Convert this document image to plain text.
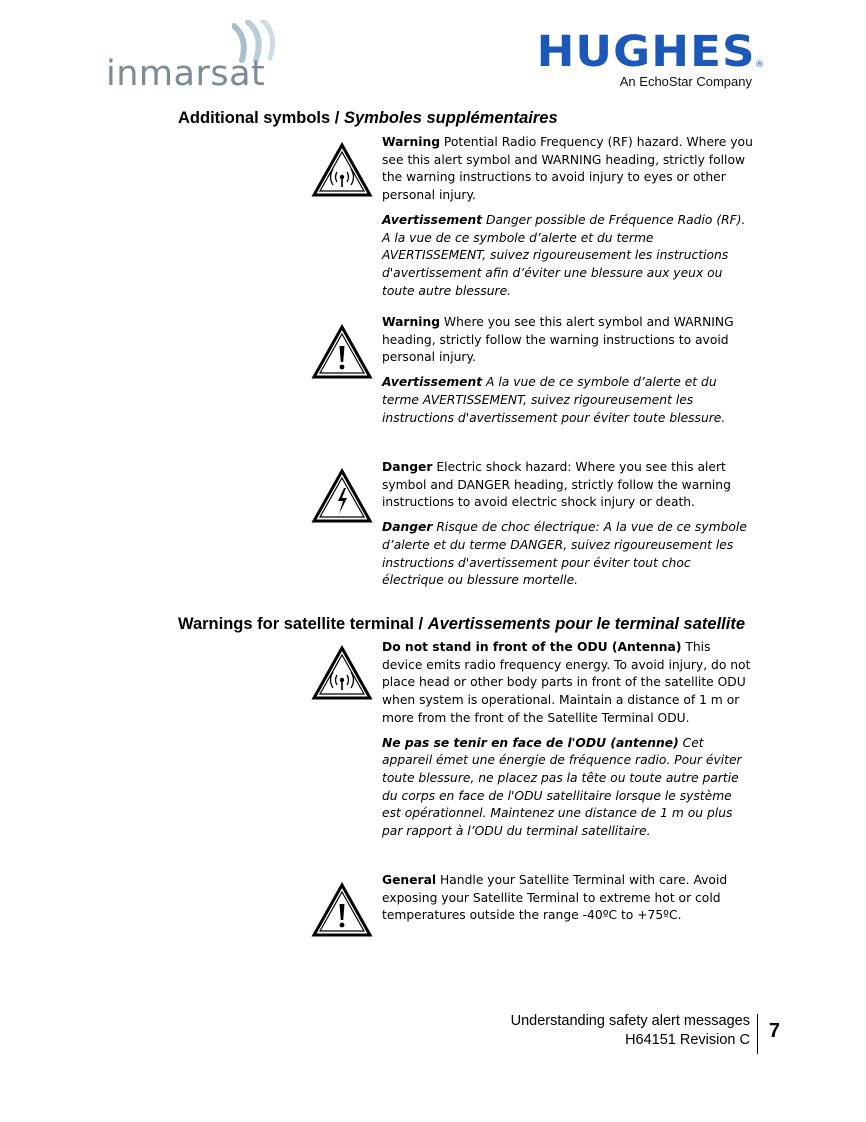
inmarsat	HUGHES ®
An EchoStar Company
Additional symbols / Symboles supplémentaires

Warning Potential Radio Frequency (RF) hazard. Where you see this alert symbol and WARNING heading, strictly follow the warning instructions to avoid injury to eyes or other personal injury.

Avertissement Danger possible de Fréquence Radio (RF). A la vue de ce symbole d’alerte et du terme AVERTISSEMENT, suivez rigoureusement les instructions d'avertissement afin d’éviter une blessure aux yeux ou toute autre blessure.

Warning Where you see this alert symbol and WARNING heading, strictly follow the warning instructions to avoid personal injury.

Avertissement A la vue de ce symbole d’alerte et du terme AVERTISSEMENT, suivez rigoureusement les instructions d'avertissement pour éviter toute blessure.

Danger Electric shock hazard: Where you see this alert symbol and DANGER heading, strictly follow the warning instructions to avoid electric shock injury or death.

Danger Risque de choc électrique: A la vue de ce symbole d’alerte et du terme DANGER, suivez rigoureusement les instructions d'avertissement pour éviter tout choc électrique ou blessure mortelle.

Warnings for satellite terminal / Avertissements pour le terminal satellite

Do not stand in front of the ODU (Antenna) This device emits radio frequency energy. To avoid injury, do not place head or other body parts in front of the satellite ODU when system is operational. Maintain a distance of 1 m or more from the front of the Satellite Terminal ODU.

Ne pas se tenir en face de l'ODU (antenne) Cet appareil émet une énergie de fréquence radio. Pour éviter toute blessure, ne placez pas la tête ou toute autre partie du corps en face de l'ODU satellitaire lorsque le système est opérationnel. Maintenez une distance de 1 m ou plus par rapport à l’ODU du terminal satellitaire.

General Handle your Satellite Terminal with care. Avoid exposing your Satellite Terminal to extreme hot or cold temperatures outside the range -40ºC to +75ºC.

Understanding safety alert messages
H64151 Revision C 7
